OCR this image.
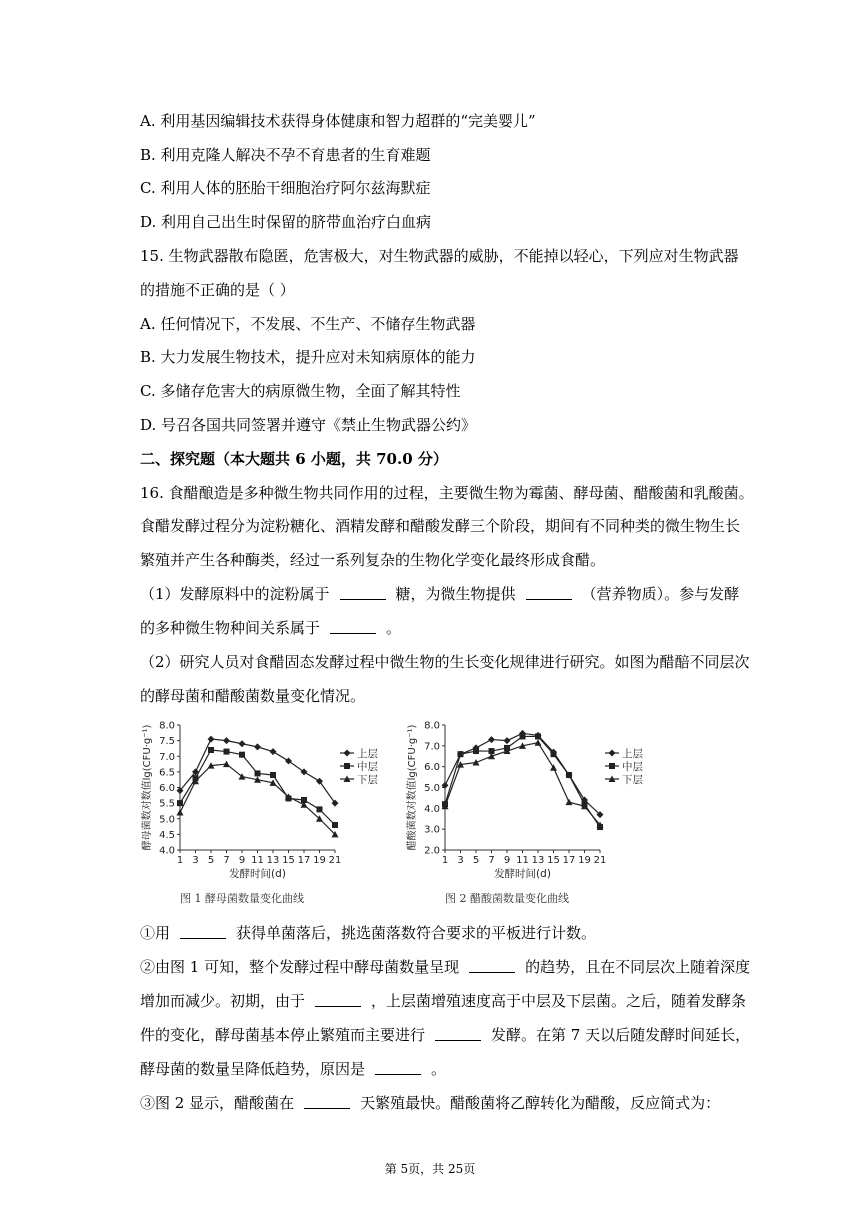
A. 利用基因编辑技术获得身体健康和智力超群的“完美婴儿”
B. 利用克隆人解决不孕不育患者的生育难题
C. 利用人体的胚胎干细胞治疗阿尔兹海默症
D. 利用自己出生时保留的脐带血治疗白血病
15. 生物武器散布隐匿，危害极大，对生物武器的威胁，不能掉以轻心，下列应对生物武器
的措施不正确的是（ ）
A. 任何情况下，不发展、不生产、不储存生物武器
B. 大力发展生物技术，提升应对未知病原体的能力
C. 多储存危害大的病原微生物，全面了解其特性
D. 号召各国共同签署并遵守《禁止生物武器公约》
二、探究题（本大题共 6 小题，共 70.0 分）
16. 食醋酿造是多种微生物共同作用的过程，主要微生物为霉菌、酵母菌、醋酸菌和乳酸菌。
食醋发酵过程分为淀粉糖化、酒精发酵和醋酸发酵三个阶段，期间有不同种类的微生物生长
繁殖并产生各种酶类，经过一系列复杂的生物化学变化最终形成食醋。
（1）发酵原料中的淀粉属于	糖，为微生物提供	（营养物质）。参与发酵
的多种微生物种间关系属于	。
（2）研究人员对食醋固态发酵过程中微生物的生长变化规律进行研究。如图为醋醅不同层次
的酵母菌和醋酸菌数量变化情况。
4.0
4.5
5.0
5.5
6.0
6.5
7.0
7.5
8.0
1 3 5 7 9 11 13 15 17 19 21
发酵时间(d)
酵母菌数对数值lg(CFU·g⁻¹)	上层
中层
下层
2.0
3.0
4.0
5.0
6.0
7.0
8.0
1 3 5 7 9 11 13 15 17 19 21
发酵时间(d)
醋酸菌数对数值lg(CFU·g⁻¹)	上层
中层
下层
图 1 酵母菌数量变化曲线	图 2 醋酸菌数量变化曲线
①用	获得单菌落后，挑选菌落数符合要求的平板进行计数。
②由图 1 可知，整个发酵过程中酵母菌数量呈现	的趋势，且在不同层次上随着深度
增加而减少。初期，由于	，上层菌增殖速度高于中层及下层菌。之后，随着发酵条
件的变化，酵母菌基本停止繁殖而主要进行	发酵。在第 7 天以后随发酵时间延长，
酵母菌的数量呈降低趋势，原因是	。
③图 2 显示，醋酸菌在	天繁殖最快。醋酸菌将乙醇转化为醋酸，反应简式为：
第 5页，共 25页
